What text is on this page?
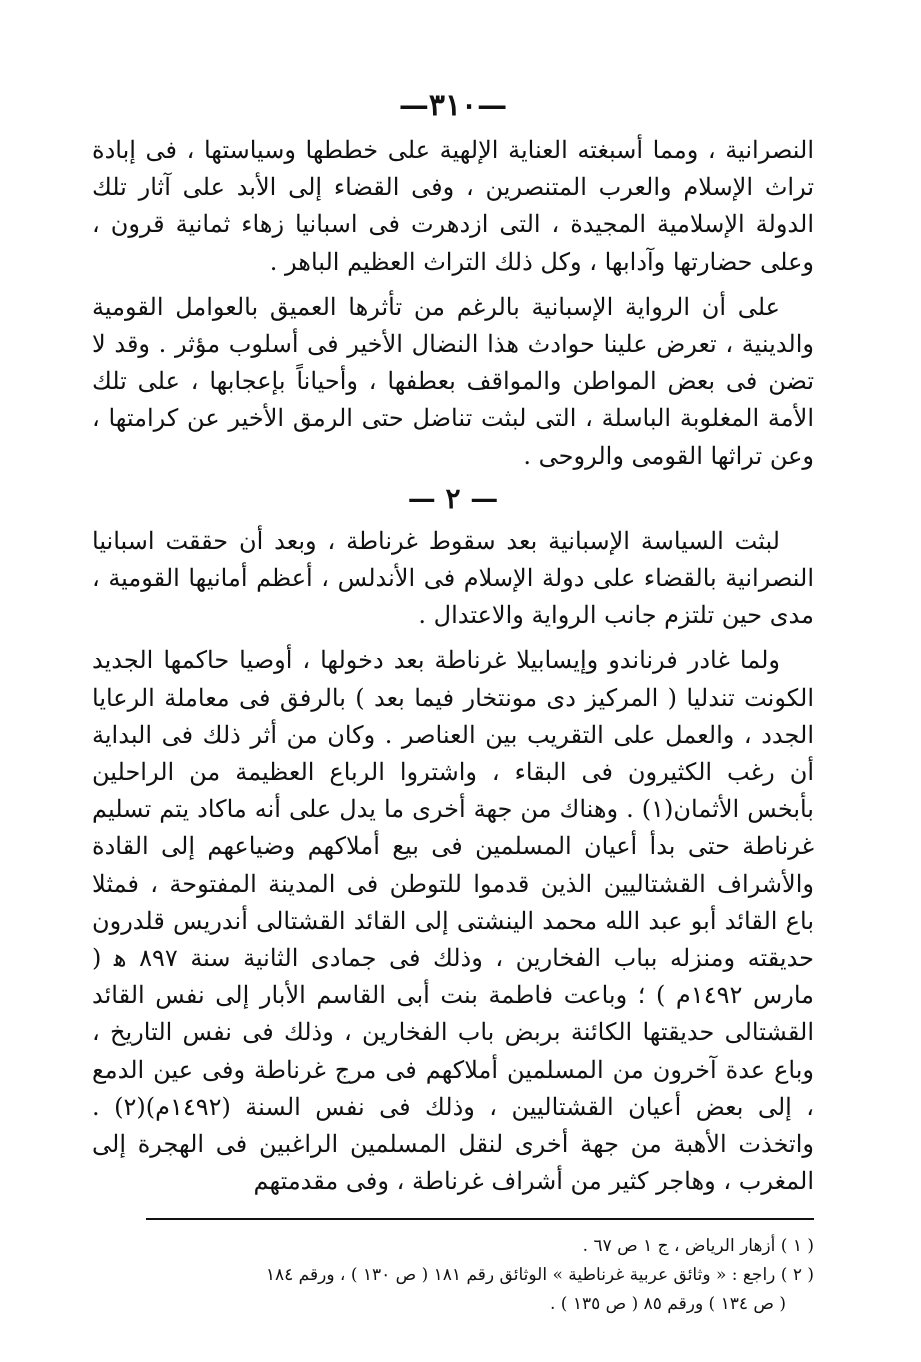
—٣١٠—

النصرانية ، ومما أسبغته العناية الإلهية على خططها وسياستها ، فى إبادة تراث الإسلام والعرب المتنصرين ، وفى القضاء إلى الأبد على آثار تلك الدولة الإسلامية المجيدة ، التى ازدهرت فى اسبانيا زهاء ثمانية قرون ، وعلى حضارتها وآدابها ، وكل ذلك التراث العظيم الباهر .

على أن الرواية الإسبانية بالرغم من تأثرها العميق بالعوامل القومية والدينية ، تعرض علينا حوادث هذا النضال الأخير فى أسلوب مؤثر . وقد لا تضن فى بعض المواطن والمواقف بعطفها ، وأحياناً بإعجابها ، على تلك الأمة المغلوبة الباسلة ، التى لبثت تناضل حتى الرمق الأخير عن كرامتها ، وعن تراثها القومى والروحى .

— ٢ —

لبثت السياسة الإسبانية بعد سقوط غرناطة ، وبعد أن حققت اسبانيا النصرانية بالقضاء على دولة الإسلام فى الأندلس ، أعظم أمانيها القومية ، مدى حين تلتزم جانب الرواية والاعتدال .

ولما غادر فرناندو وإيسابيلا غرناطة بعد دخولها ، أوصيا حاكمها الجديد الكونت تندليا ( المركيز دى مونتخار فيما بعد ) بالرفق فى معاملة الرعايا الجدد ، والعمل على التقريب بين العناصر . وكان من أثر ذلك فى البداية أن رغب الكثيرون فى البقاء ، واشتروا الرباع العظيمة من الراحلين بأبخس الأثمان(١) . وهناك من جهة أخرى ما يدل على أنه ماكاد يتم تسليم غرناطة حتى بدأ أعيان المسلمين فى بيع أملاكهم وضياعهم إلى القادة والأشراف القشتاليين الذين قدموا للتوطن فى المدينة المفتوحة ، فمثلا باع القائد أبو عبد الله محمد الينشتى إلى القائد القشتالى أندريس قلدرون حديقته ومنزله بباب الفخارين ، وذلك فى جمادى الثانية سنة ٨٩٧ ﻫ ( مارس ١٤٩٢م ) ؛ وباعت فاطمة بنت أبى القاسم الأبار إلى نفس القائد القشتالى حديقتها الكائنة بربض باب الفخارين ، وذلك فى نفس التاريخ ، وباع عدة آخرون من المسلمين أملاكهم فى مرج غرناطة وفى عين الدمع ، إلى بعض أعيان القشتاليين ، وذلك فى نفس السنة (١٤٩٢م)(٢) . واتخذت الأهبة من جهة أخرى لنقل المسلمين الراغبين فى الهجرة إلى المغرب ، وهاجر كثير من أشراف غرناطة ، وفى مقدمتهم

( ١ ) أزهار الرياض ، ج ١ ص ٦٧ .
( ٢ ) راجع : « وثائق عربية غرناطية » الوثائق رقم ١٨١ ( ص ١٣٠ ) ، ورقم ١٨٤
( ص ١٣٤ ) ورقم ٨٥ ( ص ١٣٥ ) .
